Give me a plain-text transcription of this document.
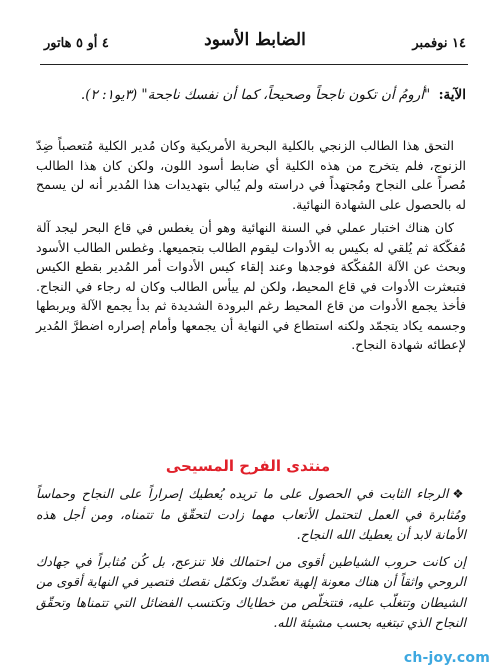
١٤ نوفمبر
الضابط الأسود
٤ أو ٥ هاتور
الآية: "أرومُ أن تكون ناجحاً وصحيحاً، كما أن نفسك ناجحة" (٣يو١: ٢).

التحق هذا الطالب الزنجي بالكلية البحرية الأمريكية وكان مُدير الكلية مُتعصباً ضِدّ الزنوج، فلم يتخرج من هذه الكلية أي ضابط أسود اللون، ولكن كان هذا الطالب مُصراً على النجاح ومُجتهداً في دراسته ولم يُبالي بتهديدات هذا المُدير أنه لن يسمح له بالحصول على الشهادة النهائية.

كان هناك اختبار عملي في السنة النهائية وهو أن يغطس في قاع البحر ليجد آلة مُفكّكة ثم يُلقي له بكيس به الأدوات ليقوم الطالب بتجميعها. وغطس الطالب الأسود وبحث عن الآلة المُفكّكة فوجدها وعند إلقاء كيس الأدوات أمر المُدير بقطع الكيس فتبعثرت الأدوات في قاع المحيط، ولكن لم ييأس الطالب وكان له رجاء في النجاح. فأخذ يجمع الأدوات من قاع المحيط رغم البرودة الشديدة ثم بدأ يجمع الآلة ويربطها وجسمه يكاد يتجمّد ولكنه استطاع في النهاية أن يجمعها وأمام إصراره اضطرَّ المُدير لإعطائه شهادة النجاح.

منتدى الفرح المسيحى

❖الرجاء الثابت في الحصول على ما تريده يُعطيك إصراراً على النجاح وحماساً ومُثابرة في العمل لتحتمل الأتعاب مهما زادت لتحقّق ما تتمناه، ومن أجل هذه الأمانة لابد أن يعطيك الله النجاح.

إن كانت حروب الشياطين أقوى من احتمالك فلا تنزعج، بل كُن مُثابراً في جهادك الروحي واثقاً أن هناك معونة إلهية تعضّدك وتكمّل نقصك فتصير في النهاية أقوى من الشيطان وتتغلّب عليه، فتتخلّص من خطاياك وتكتسب الفضائل التي تتمناها وتحقّق النجاح الذي تبتغيه بحسب مشيئة الله.

ch-joy.com
